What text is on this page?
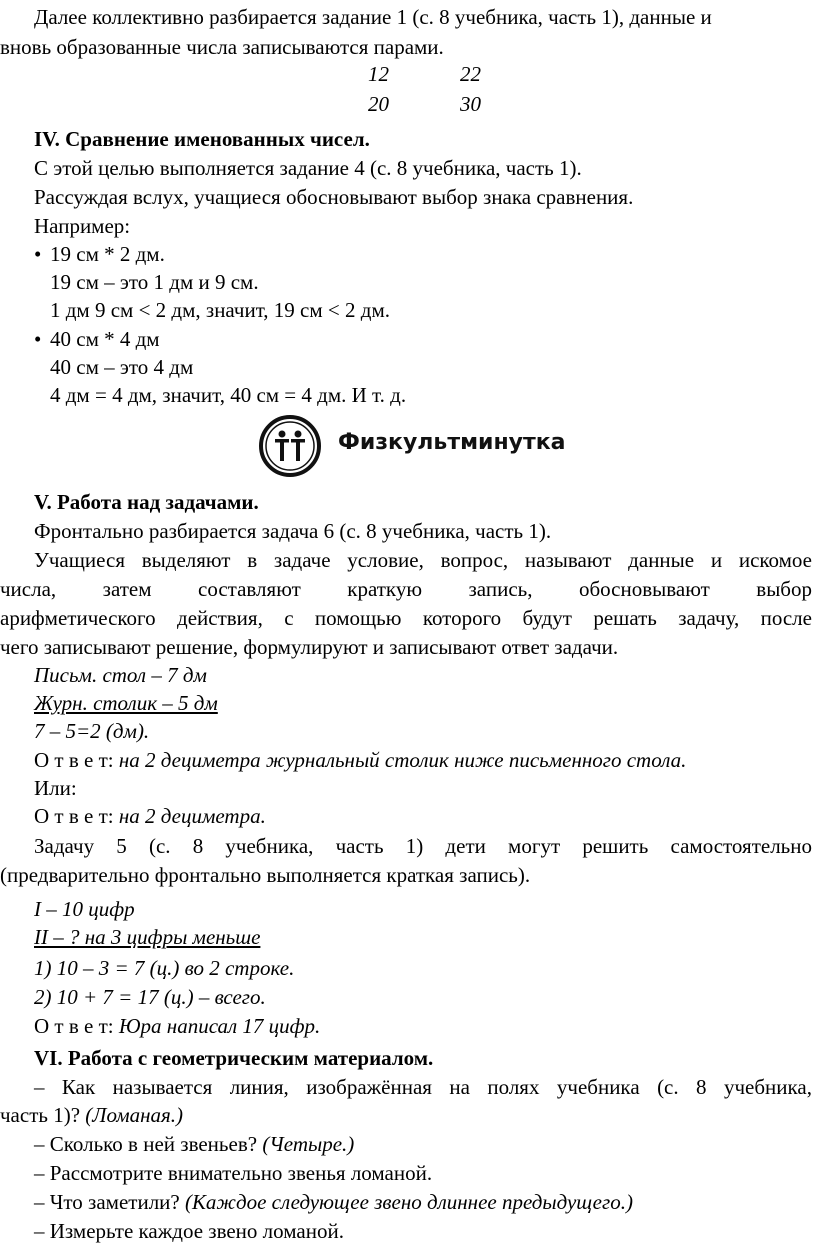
Далее коллективно разбирается задание 1 (с. 8 учебника, часть 1), данные и
вновь образованные числа записываются парами.
12	22
20	30
IV. Сравнение именованных чисел.
С этой целью выполняется задание 4 (с. 8 учебника, часть 1).
Рассуждая вслух, учащиеся обосновывают выбор знака сравнения.
Например:
• 19 см * 2 дм.
19 см – это 1 дм и 9 см.
1 дм 9 см < 2 дм, значит, 19 см < 2 дм.
• 40 см * 4 дм
40 см – это 4 дм
4 дм = 4 дм, значит, 40 см = 4 дм. И т. д.
Физкультминутка
V. Работа над задачами.
Фронтально разбирается задача 6 (с. 8 учебника, часть 1).
Учащиеся выделяют в задаче условие, вопрос, называют данные и искомое
числа, затем составляют краткую запись, обосновывают выбор
арифметического действия, с помощью которого будут решать задачу, после
чего записывают решение, формулируют и записывают ответ задачи.
Письм. стол – 7 дм
Журн. столик – 5 дм
7 – 5=2 (дм).
О т в е т: на 2 дециметра журнальный столик ниже письменного стола.
Или:
О т в е т: на 2 дециметра.
Задачу 5 (с. 8 учебника, часть 1) дети могут решить самостоятельно
(предварительно фронтально выполняется краткая запись).
I – 10 цифр
II – ? на 3 цифры меньше
1) 10 – 3 = 7 (ц.) во 2 строке.
2) 10 + 7 = 17 (ц.) – всего.
О т в е т: Юра написал 17 цифр.
VI. Работа с геометрическим материалом.
– Как называется линия, изображённая на полях учебника (с. 8 учебника,
часть 1)? (Ломаная.)
– Сколько в ней звеньев? (Четыре.)
– Рассмотрите внимательно звенья ломаной.
– Что заметили? (Каждое следующее звено длиннее предыдущего.)
– Измерьте каждое звено ломаной.
